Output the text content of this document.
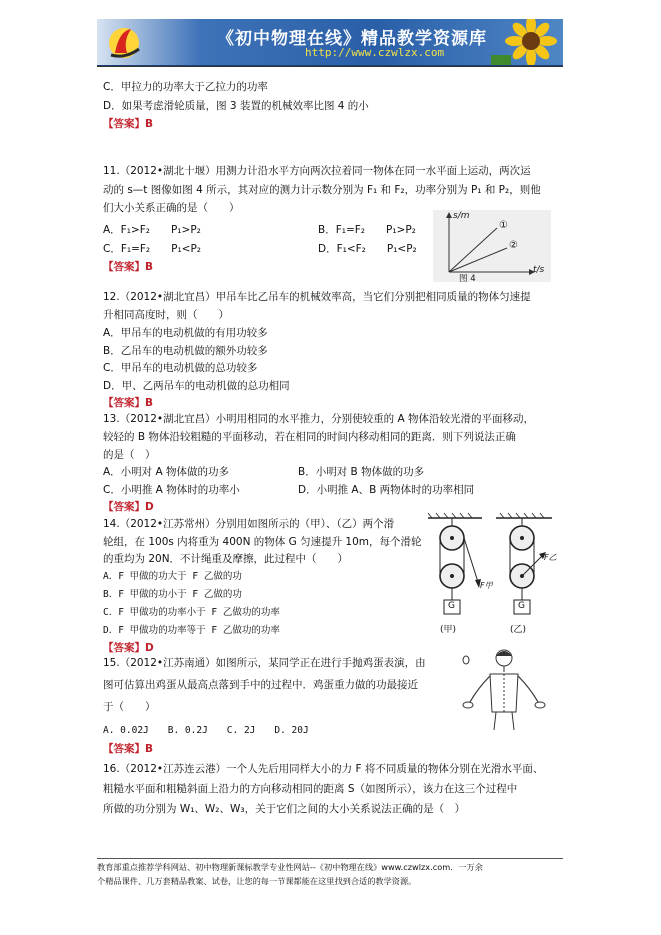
《初中物理在线》精品教学资源库
http://www.czwlzx.com
C．甲拉力的功率大于乙拉力的功率
D．如果考虑滑轮质量，图 3 装置的机械效率比图 4 的小
【答案】B
11.（2012•湖北十堰）用测力计沿水平方向两次拉着同一物体在同一水平面上运动，两次运
动的 s—t 图像如图 4 所示，其对应的测力计示数分别为 F₁ 和 F₂，功率分别为 P₁ 和 P₂，则他
们大小关系正确的是（　　）
A．F₁>F₂　　P₁>P₂	B．F₁=F₂　　P₁>P₂
C．F₁=F₂　　P₁<P₂	D．F₁<F₂　　P₁<P₂
【答案】B
s/m
t/s
①
②
图 4
12.（2012•湖北宜昌）甲吊车比乙吊车的机械效率高，当它们分别把相同质量的物体匀速提
升相同高度时，则（　　）
A．甲吊车的电动机做的有用功较多
B．乙吊车的电动机做的额外功较多
C．甲吊车的电动机做的总功较多
D．甲、乙两吊车的电动机做的总功相同
【答案】B
13.（2012•湖北宜昌）小明用相同的水平推力，分别使较重的 A 物体沿较光滑的平面移动，
较轻的 B 物体沿较粗糙的平面移动，若在相同的时间内移动相同的距离．则下列说法正确
的是（　）
A．小明对 A 物体做的功多	B．小明对 B 物体做的功多
C．小明推 A 物体时的功率小	D．小明推 A、B 两物体时的功率相同
【答案】D
14.（2012•江苏常州）分别用如图所示的（甲）、（乙）两个滑
轮组，在 100s 内将重为 400N 的物体 G 匀速提升 10m，每个滑轮
的重均为 20N．不计绳重及摩擦，此过程中（　　）
A．F 甲做的功大于 F 乙做的功
B．F 甲做的功小于 F 乙做的功
C．F 甲做功的功率小于 F 乙做功的功率
D．F 甲做功的功率等于 F 乙做功的功率
【答案】D
F甲
F乙
G	G
(甲)	(乙)
15.（2012•江苏南通）如图所示，某同学正在进行手抛鸡蛋表演，由
图可估算出鸡蛋从最高点落到手中的过程中．鸡蛋重力做的功最接近
于（　　）
A. 0.02J　　B. 0.2J　　C. 2J　　D. 20J
【答案】B
16.（2012•江苏连云港）一个人先后用同样大小的力 F 将不同质量的物体分别在光滑水平面、
粗糙水平面和粗糙斜面上沿力的方向移动相同的距离 S（如图所示），该力在这三个过程中
所做的功分别为 W₁、W₂、W₃，关于它们之间的大小关系说法正确的是（　）
教育部重点推荐学科网站、初中物理新课标教学专业性网站--《初中物理在线》www.czwlzx.com．一万余
个精品课件、几万套精品教案、试卷，让您的每一节课都能在这里找到合适的教学资源。
